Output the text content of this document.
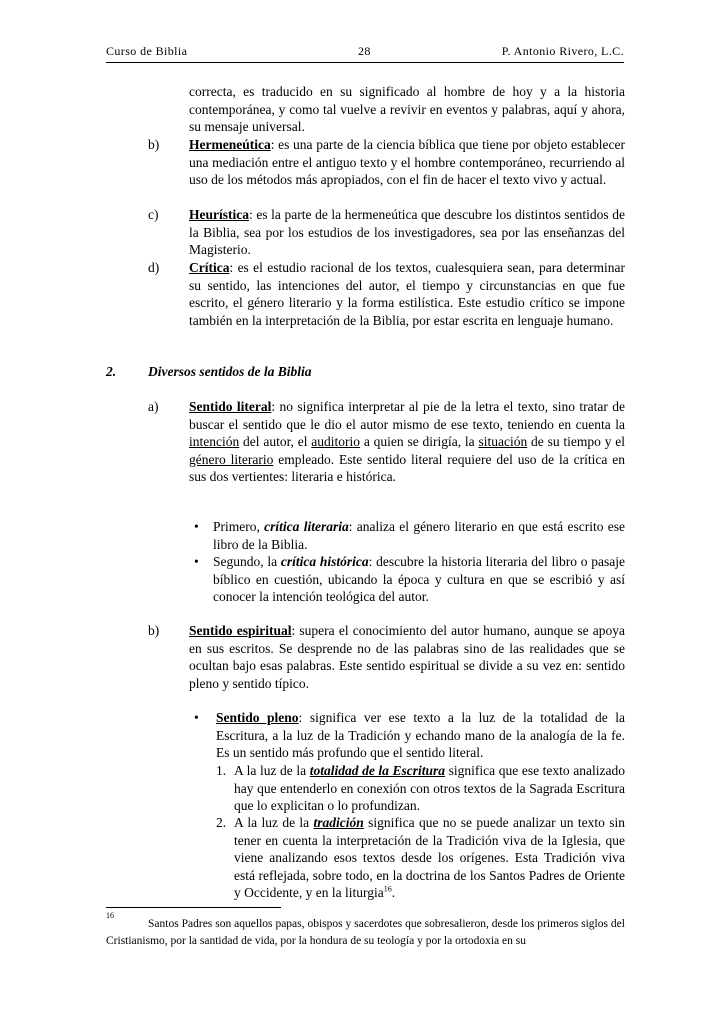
Curso de Biblia	28	P. Antonio Rivero, L.C.
correcta, es traducido en su significado al hombre de hoy y a la historia contemporánea, y como tal vuelve a revivir en eventos y palabras, aquí y ahora, su mensaje universal.
b) Hermeneútica: es una parte de la ciencia bíblica que tiene por objeto establecer una mediación entre el antiguo texto y el hombre contemporáneo, recurriendo al uso de los métodos más apropiados, con el fin de hacer el texto vivo y actual.
c) Heurística: es la parte de la hermeneútica que descubre los distintos sentidos de la Biblia, sea por los estudios de los investigadores, sea por las enseñanzas del Magisterio.
d) Crítica: es el estudio racional de los textos, cualesquiera sean, para determinar su sentido, las intenciones del autor, el tiempo y circunstancias en que fue escrito, el género literario y la forma estilística. Este estudio crítico se impone también en la interpretación de la Biblia, por estar escrita en lenguaje humano.
2. Diversos sentidos de la Biblia
a) Sentido literal: no significa interpretar al pie de la letra el texto, sino tratar de buscar el sentido que le dio el autor mismo de ese texto, teniendo en cuenta la intención del autor, el auditorio a quien se dirigía, la situación de su tiempo y el género literario empleado. Este sentido literal requiere del uso de la crítica en sus dos vertientes: literaria e histórica.
• Primero, crítica literaria: analiza el género literario en que está escrito ese libro de la Biblia.
• Segundo, la crítica histórica: descubre la historia literaria del libro o pasaje bíblico en cuestión, ubicando la época y cultura en que se escribió y así conocer la intención teológica del autor.
b) Sentido espiritual: supera el conocimiento del autor humano, aunque se apoya en sus escritos. Se desprende no de las palabras sino de las realidades que se ocultan bajo esas palabras. Este sentido espiritual se divide a su vez en: sentido pleno y sentido típico.
• Sentido pleno: significa ver ese texto a la luz de la totalidad de la Escritura, a la luz de la Tradición y echando mano de la analogía de la fe. Es un sentido más profundo que el sentido literal.
1. A la luz de la totalidad de la Escritura significa que ese texto analizado hay que entenderlo en conexión con otros textos de la Sagrada Escritura que lo explicitan o lo profundizan.
2. A la luz de la tradición significa que no se puede analizar un texto sin tener en cuenta la interpretación de la Tradición viva de la Iglesia, que viene analizando esos textos desde los orígenes. Esta Tradición viva está reflejada, sobre todo, en la doctrina de los Santos Padres de Oriente y Occidente, y en la liturgia$^{16}$.
16
Santos Padres son aquellos papas, obispos y sacerdotes que sobresalieron, desde los primeros siglos del Cristianismo, por la santidad de vida, por la hondura de su teología y por la ortodoxia en su
